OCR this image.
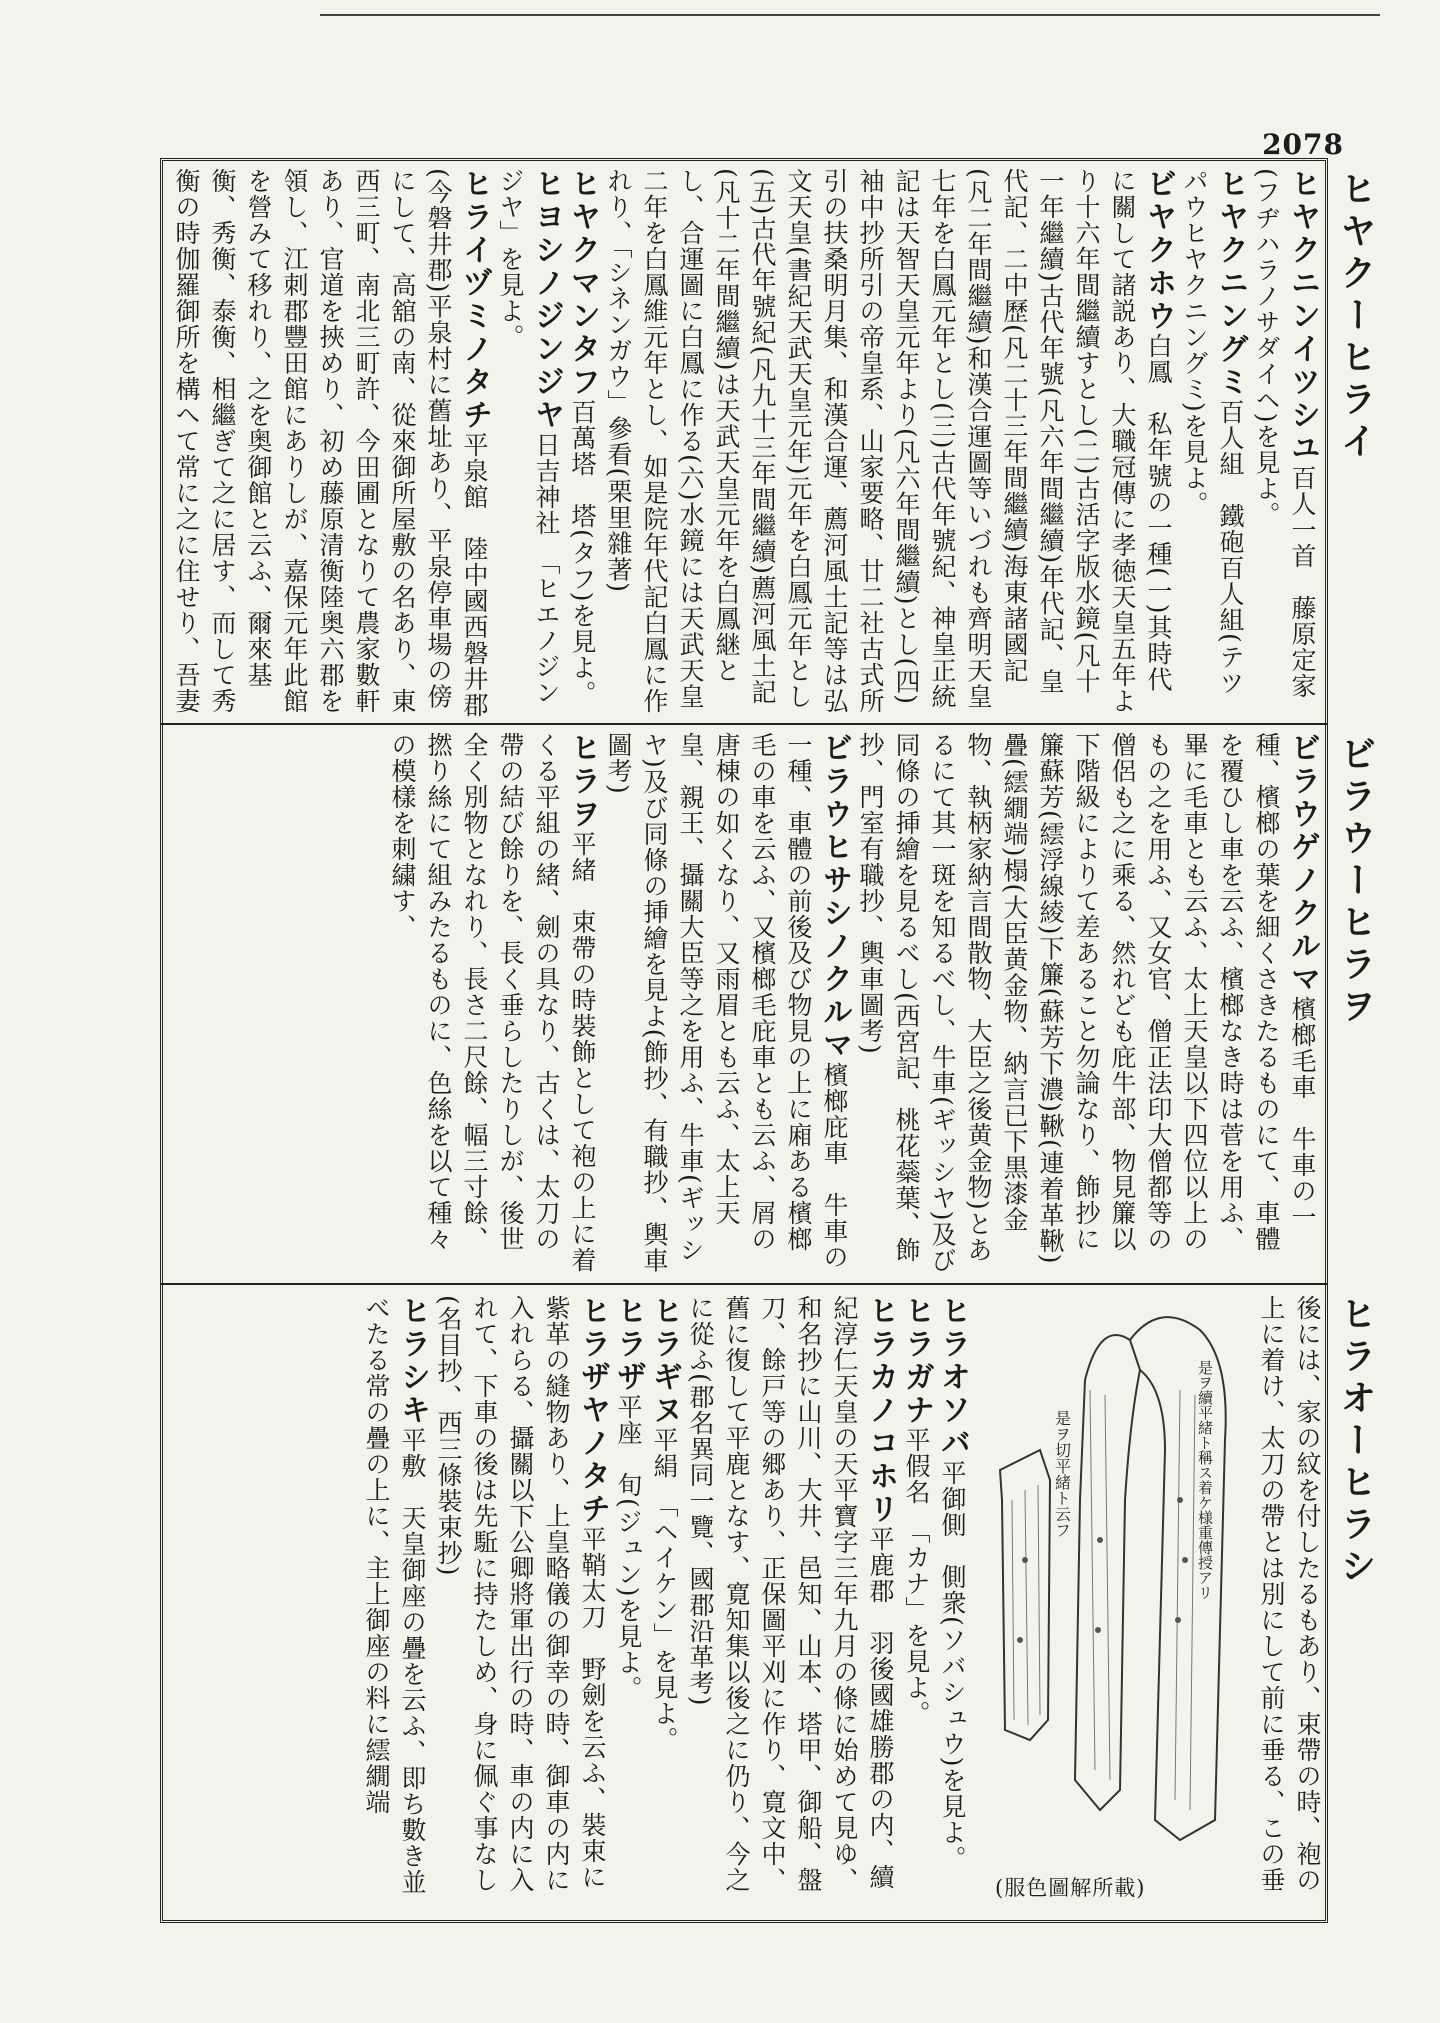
2078
ヒヤクーヒライ
ビラウーヒラヲ
ヒラオーヒラシ

ヒヤクニンイツシユ百人一首　藤原定家(フヂハラノサダイヘ)を見よ。

ヒヤクニングミ百人組　鐵砲百人組(テツパウヒヤクニングミ)を見よ。

ビヤクホウ白鳳　私年號の一種(一)其時代に關して諸説あり、大職冠傳に孝徳天皇五年より十六年間繼續すとし(二)古活字版水鏡(凡十一年繼續)古代年號(凡六年間繼續)年代記、皇代記、二中歷(凡二十三年間繼續)海東諸國記(凡二年間繼續)和漢合運圖等いづれも齊明天皇七年を白鳳元年とし(三)古代年號紀、神皇正統記は天智天皇元年より(凡六年間繼續)とし(四)袖中抄所引の帝皇系、山家要略、廿二社古式所引の扶桑明月集、和漢合運、薦河風土記等は弘文天皇(書紀天武天皇元年)元年を白鳳元年とし(五)古代年號紀(凡九十三年間繼續)薦河風土記(凡十二年間繼續)は天武天皇元年を白鳳継とし、合運圖に白鳳に作る(六)水鏡には天武天皇二年を白鳳維元年とし、如是院年代記白鳳に作れり、「シネンガウ」參看(栗里雜著)

ヒヤクマンタフ百萬塔　塔(タフ)を見よ。

ヒヨシノジンジヤ日吉神社　「ヒエノジンジヤ」を見よ。

ヒライヅミノタチ平泉館　陸中國西磐井郡(今磐井郡)平泉村に舊址あり、平泉停車場の傍にして、高舘の南、從來御所屋敷の名あり、東西三町、南北三町許、今田圃となりて農家數軒あり、官道を挾めり、初め藤原清衡陸奥六郡を領し、江刺郡豐田館にありしが、嘉保元年此館を營みて移れり、之を奥御館と云ふ、爾來基衡、秀衡、泰衡、相繼ぎて之に居す、而して秀衡の時伽羅御所を構へて常に之に住せり、吾妻

ビラウゲノクルマ檳榔毛車　牛車の一種、檳榔の葉を細くさきたるものにて、車體を覆ひし車を云ふ、檳榔なき時は菅を用ふ、畢に毛車とも云ふ、太上天皇以下四位以上のもの之を用ふ、又女官、僧正法印大僧都等の僧侶も之に乘る、然れども庇牛部、物見簾以下階級によりて差あること勿論なり、飾抄に簾蘇芳(繧浮線綾)下簾(蘇芳下濃)鞦(連着革鞦)疊(繧繝端)榻(大臣黄金物、納言已下黒漆金物、執柄家納言間散物、大臣之後黄金物)とあるにて其一斑を知るべし、牛車(ギッシヤ)及び同條の挿繪を見るべし(西宮記、桃花蘂葉、飾抄、門室有職抄、輿車圖考)

ビラウヒサシノクルマ檳榔庇車　牛車の一種、車體の前後及び物見の上に廂ある檳榔毛の車を云ふ、又檳榔毛庇車とも云ふ、屑の唐棟の如くなり、又雨眉とも云ふ、太上天皇、親王、攝關大臣等之を用ふ、牛車(ギッシヤ)及び同條の挿繪を見よ(飾抄、有職抄、輿車圖考)

ヒラヲ平緒　束帶の時裝飾として袍の上に着くる平組の緒、劍の具なり、古くは、太刀の帶の結び餘りを、長く垂らしたりしが、後世全く別物となれり、長さ二尺餘、幅三寸餘、撚り絲にて組みたるものに、色絲を以て種々の模樣を刺繍す、

後には、家の紋を付したるもあり、束帶の時、袍の上に着け、太刀の帶とは別にして前に垂る、この垂

ヒラオソバ平御側　側衆(ソバシュウ)を見よ。

ヒラガナ平假名　「カナ」を見よ。

ヒラカノコホリ平鹿郡　羽後國雄勝郡の内、續紀淳仁天皇の天平寶字三年九月の條に始めて見ゆ、和名抄に山川、大井、邑知、山本、塔甲、御船、盤刀、餘戸等の郷あり、正保圖平刈に作り、寛文中、舊に復して平鹿となす、寛知集以後之に仍り、今之に從ふ(郡名異同一覽、國郡沿革考)

ヒラギヌ平絹　「ヘイケン」を見よ。

ヒラザ平座　旬(ジュン)を見よ。

ヒラザヤノタチ平鞘太刀　野劍を云ふ、裝束に紫革の縫物あり、上皇略儀の御幸の時、御車の内に入れらる、攝關以下公卿將軍出行の時、車の内に入れて、下車の後は先駈に持たしめ、身に佩ぐ事なし(名目抄、西三條裝束抄)

ヒラシキ平敷　天皇御座の疊を云ふ、即ち數き並べたる常の疊の上に、主上御座の料に繧繝端	是ヲ續平緒ト稱ス着ケ様重傳授アリ
是ヲ切平緒ト云フ
(服色圖解所載)
